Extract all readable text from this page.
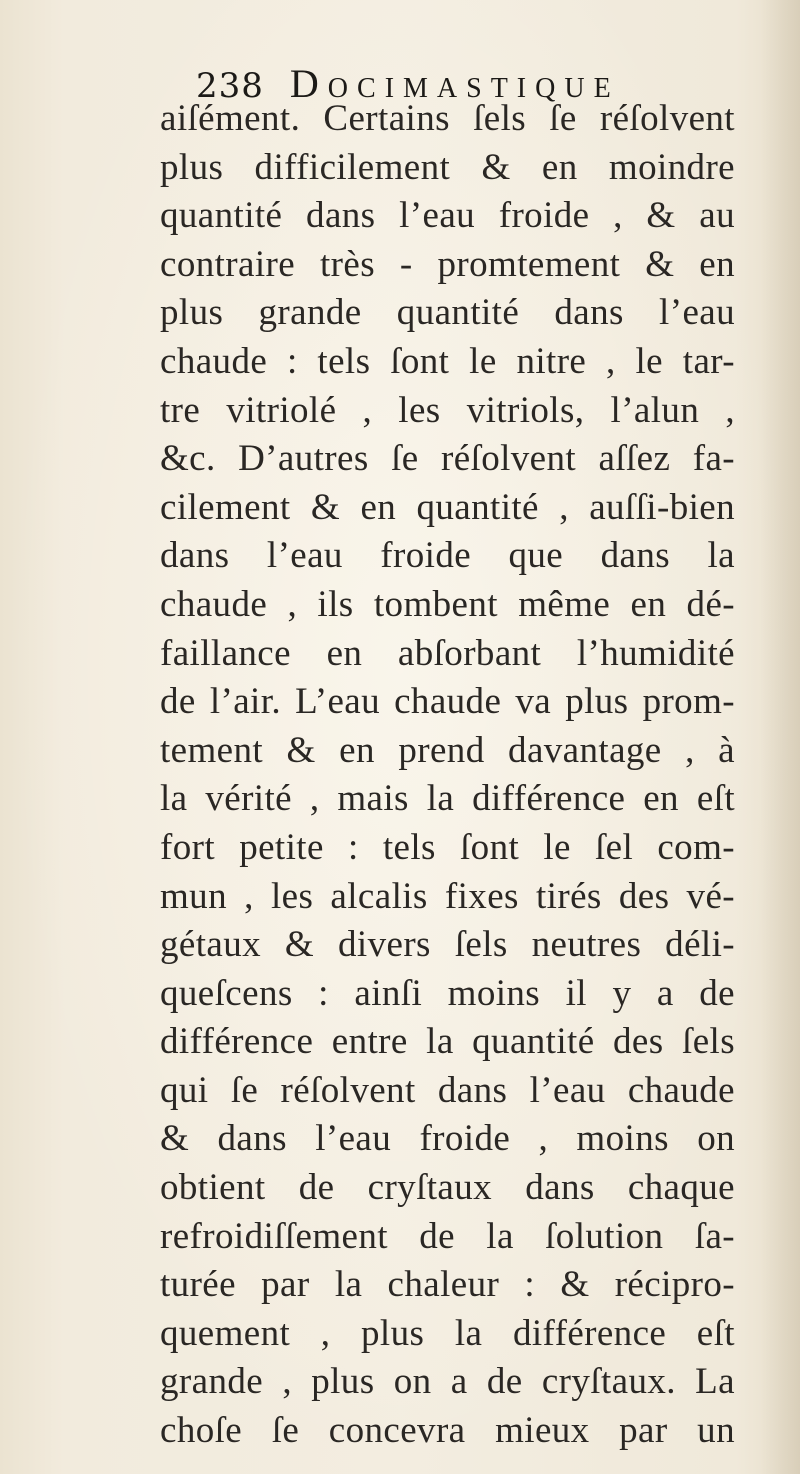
238 Docimastique
aiſément. Certains ſels ſe réſolvent
plus difficilement & en moindre
quantité dans l’eau froide , & au
contraire très - promtement & en
plus grande quantité dans l’eau
chaude : tels ſont le nitre , le tar-
tre vitriolé , les vitriols, l’alun ,
&c. D’autres ſe réſolvent aſſez fa-
cilement & en quantité , auſſi-bien
dans l’eau froide que dans la
chaude , ils tombent même en dé-
faillance en abſorbant l’humidité
de l’air. L’eau chaude va plus prom-
tement & en prend davantage , à
la vérité , mais la différence en eſt
fort petite : tels ſont le ſel com-
mun , les alcalis fixes tirés des vé-
gétaux & divers ſels neutres déli-
queſcens : ainſi moins il y a de
différence entre la quantité des ſels
qui ſe réſolvent dans l’eau chaude
& dans l’eau froide , moins on
obtient de cryſtaux dans chaque
refroidiſſement de la ſolution ſa-
turée par la chaleur : & récipro-
quement , plus la différence eſt
grande , plus on a de cryſtaux. La
choſe ſe concevra mieux par un
